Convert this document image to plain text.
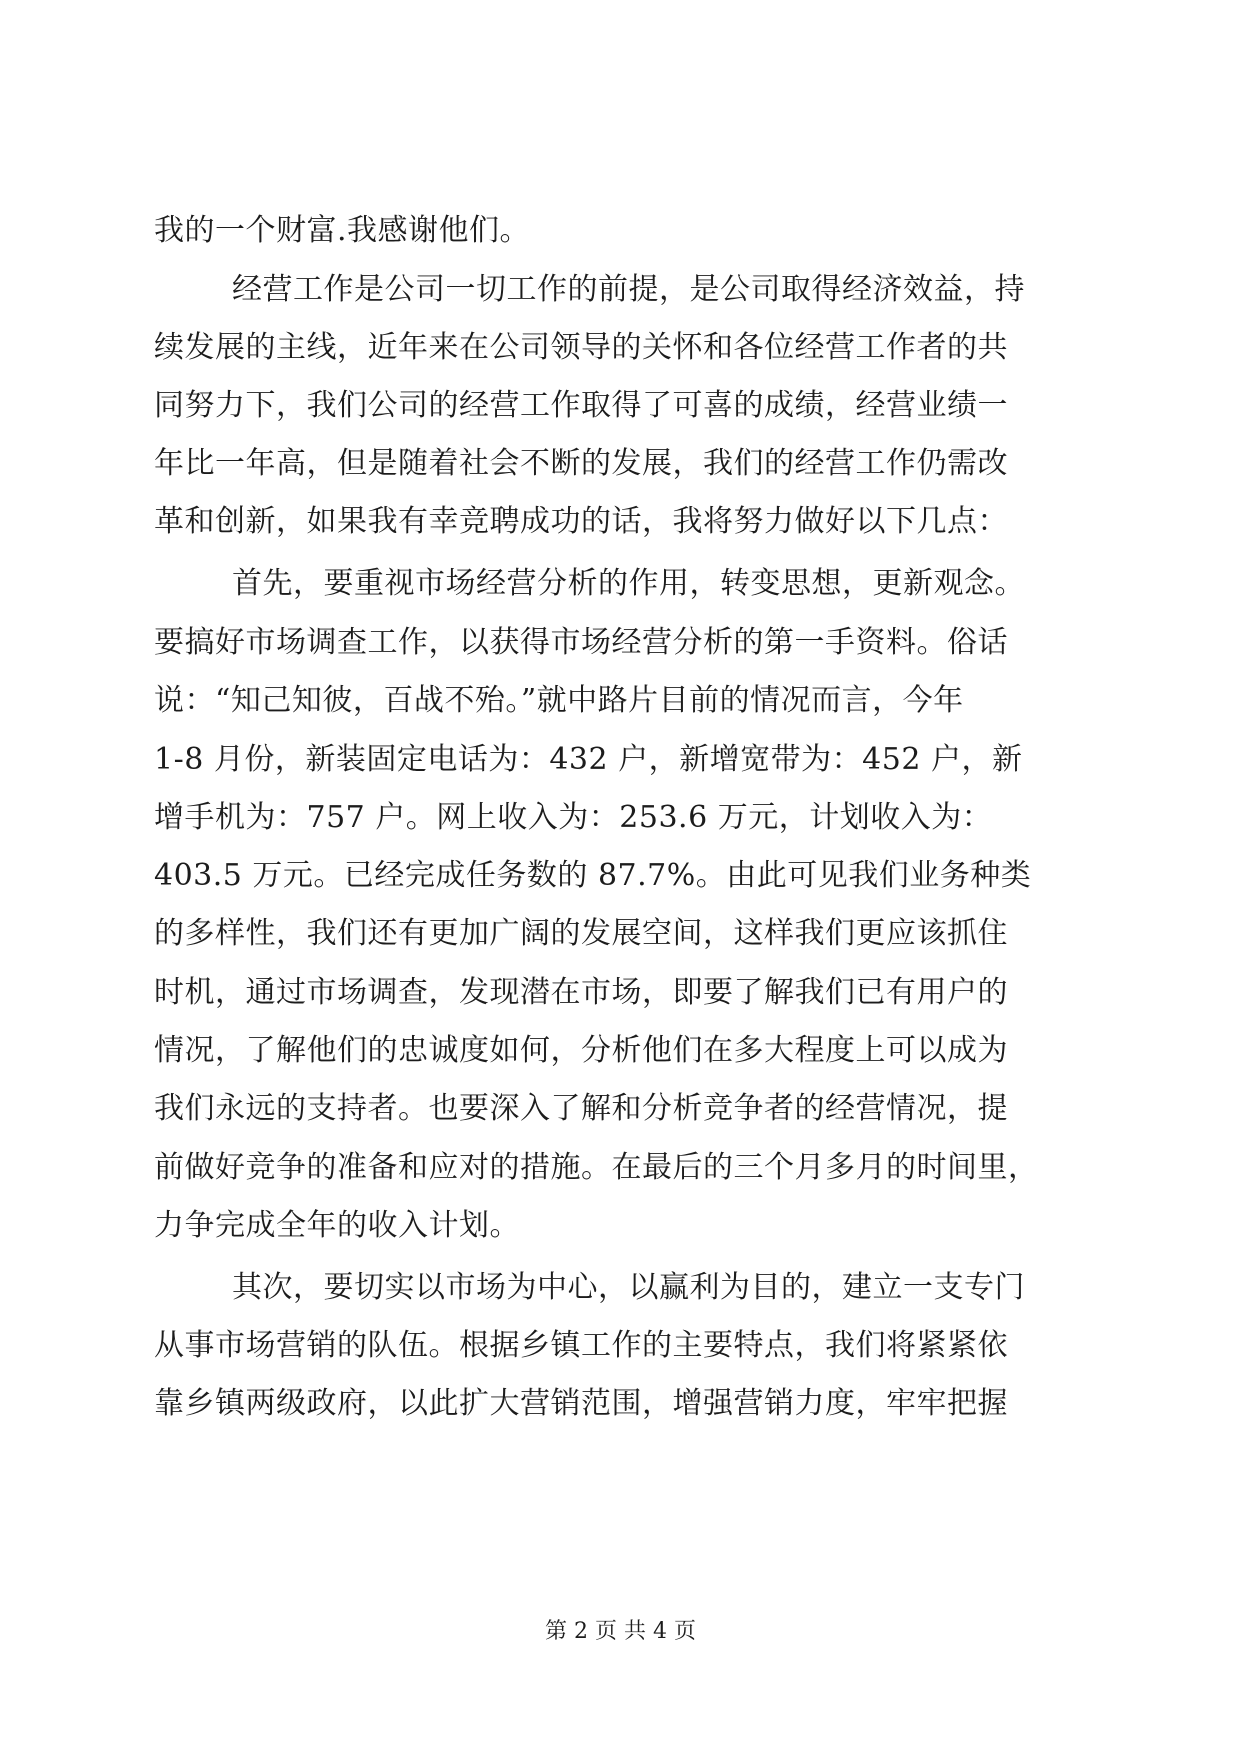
我的一个财富.我感谢他们。
经营工作是公司一切工作的前提，是公司取得经济效益，持
续发展的主线，近年来在公司领导的关怀和各位经营工作者的共
同努力下，我们公司的经营工作取得了可喜的成绩，经营业绩一
年比一年高，但是随着社会不断的发展，我们的经营工作仍需改
革和创新，如果我有幸竞聘成功的话，我将努力做好以下几点：
首先，要重视市场经营分析的作用，转变思想，更新观念。
要搞好市场调查工作，以获得市场经营分析的第一手资料。俗话
说：“知己知彼，百战不殆。”就中路片目前的情况而言，今年
1-8 月份，新装固定电话为：432 户，新增宽带为：452 户，新
增手机为：757 户。网上收入为：253.6 万元，计划收入为：
403.5 万元。已经完成任务数的 87.7%。由此可见我们业务种类
的多样性，我们还有更加广阔的发展空间，这样我们更应该抓住
时机，通过市场调查，发现潜在市场，即要了解我们已有用户的
情况，了解他们的忠诚度如何，分析他们在多大程度上可以成为
我们永远的支持者。也要深入了解和分析竞争者的经营情况，提
前做好竞争的准备和应对的措施。在最后的三个月多月的时间里，
力争完成全年的收入计划。
其次，要切实以市场为中心，以赢利为目的，建立一支专门
从事市场营销的队伍。根据乡镇工作的主要特点，我们将紧紧依
靠乡镇两级政府，以此扩大营销范围，增强营销力度，牢牢把握
第 2 页 共 4 页
